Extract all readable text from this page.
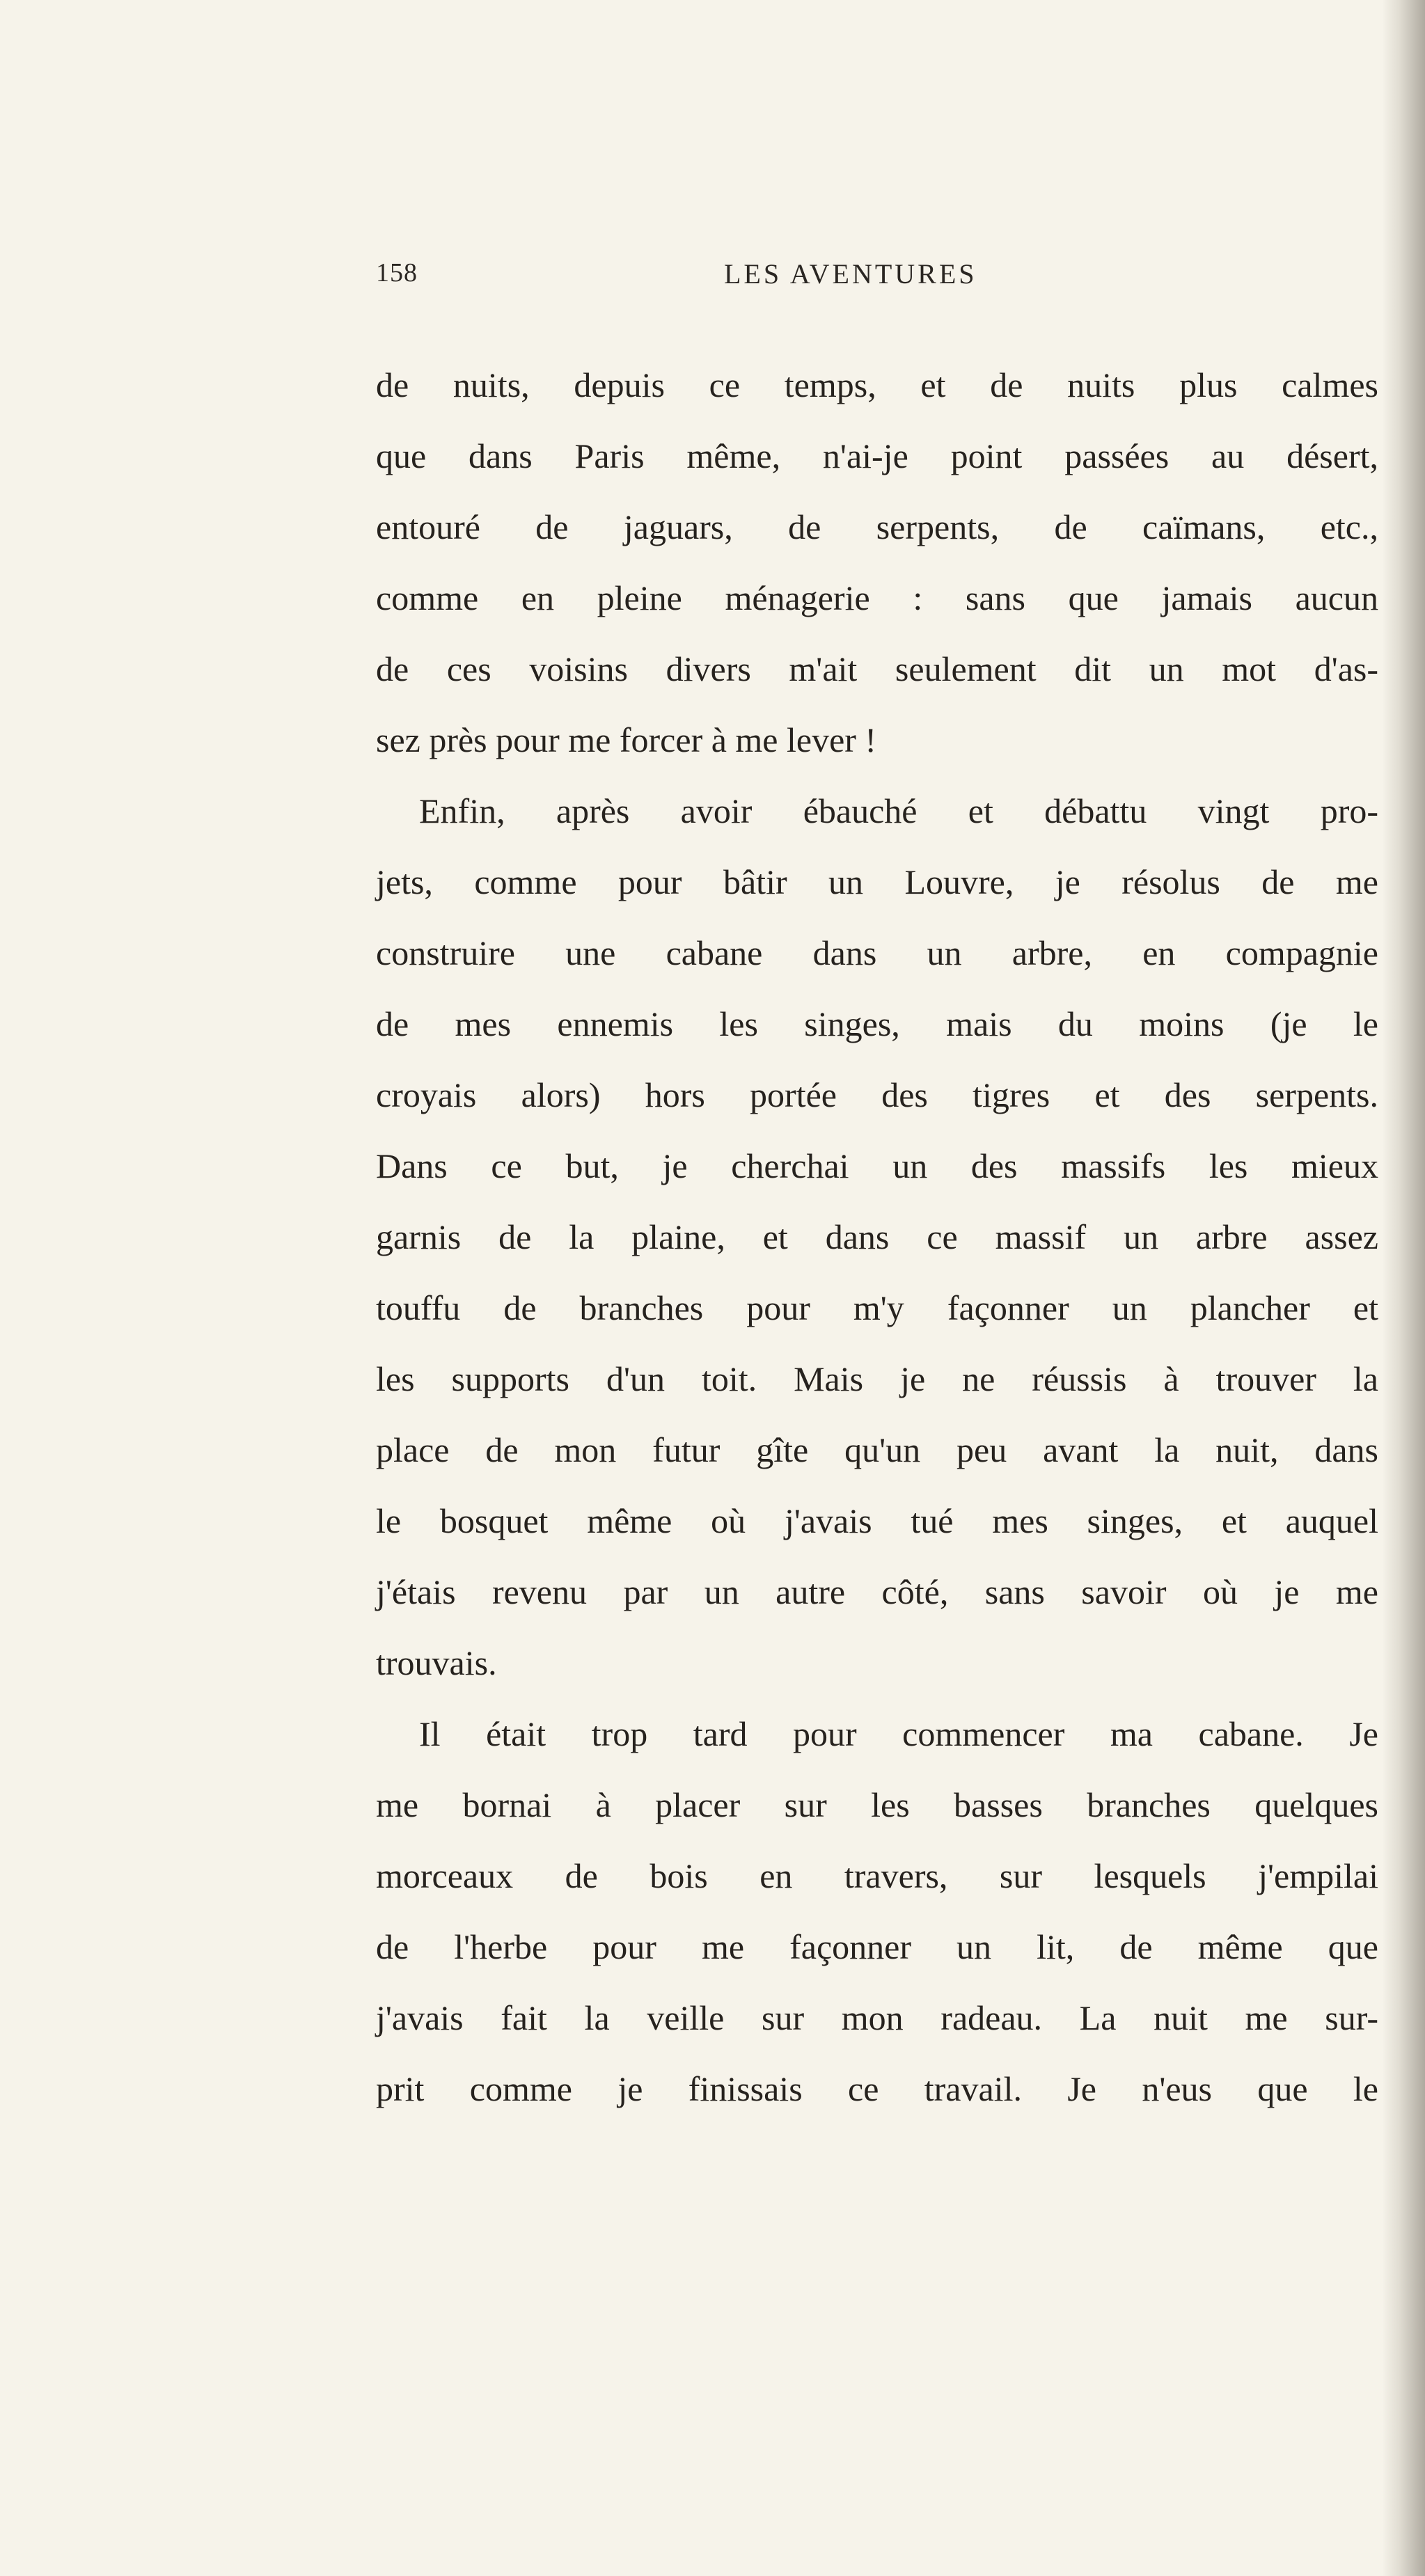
158	LES AVENTURES
de nuits, depuis ce temps, et de nuits plus calmes
que dans Paris même, n'ai-je point passées au désert,
entouré de jaguars, de serpents, de caïmans, etc.,
comme en pleine ménagerie : sans que jamais aucun
de ces voisins divers m'ait seulement dit un mot d'as-
sez près pour me forcer à me lever !
Enfin, après avoir ébauché et débattu vingt pro-
jets, comme pour bâtir un Louvre, je résolus de me
construire une cabane dans un arbre, en compagnie
de mes ennemis les singes, mais du moins (je le
croyais alors) hors portée des tigres et des serpents.
Dans ce but, je cherchai un des massifs les mieux
garnis de la plaine, et dans ce massif un arbre assez
touffu de branches pour m'y façonner un plancher et
les supports d'un toit. Mais je ne réussis à trouver la
place de mon futur gîte qu'un peu avant la nuit, dans
le bosquet même où j'avais tué mes singes, et auquel
j'étais revenu par un autre côté, sans savoir où je me
trouvais.
Il était trop tard pour commencer ma cabane. Je
me bornai à placer sur les basses branches quelques
morceaux de bois en travers, sur lesquels j'empilai
de l'herbe pour me façonner un lit, de même que
j'avais fait la veille sur mon radeau. La nuit me sur-
prit comme je finissais ce travail. Je n'eus que le
